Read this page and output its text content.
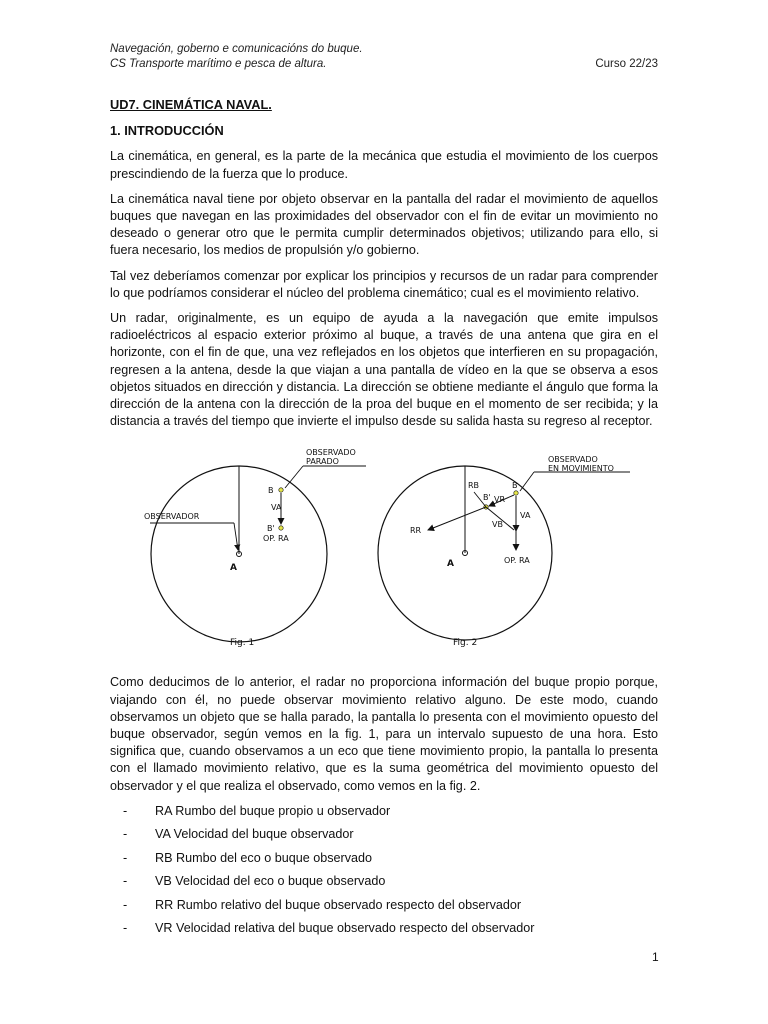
Navegación, goberno e comunicacións do buque.
CS Transporte marítimo e pesca de altura.	Curso 22/23
UD7. CINEMÁTICA NAVAL.
1. INTRODUCCIÓN

La cinemática, en general, es la parte de la mecánica que estudia el movimiento de los cuerpos prescindiendo de la fuerza que lo produce.

La cinemática naval tiene por objeto observar en la pantalla del radar el movimiento de aquellos buques que navegan en las proximidades del observador con el fin de evitar un movimiento no deseado o generar otro que le permita cumplir determinados objetivos; utilizando para ello, si fuera necesario, los medios de propulsión y/o gobierno.

Tal vez deberíamos comenzar por explicar los principios y recursos de un radar para comprender lo que podríamos considerar el núcleo del problema cinemático; cual es el movimiento relativo.

Un radar, originalmente, es un equipo de ayuda a la navegación que emite impulsos radioeléctricos al espacio exterior próximo al buque, a través de una antena que gira en el horizonte, con el fin de que, una vez reflejados en los objetos que interfieren en su propagación, regresen a la antena, desde la que viajan a una pantalla de vídeo en la que se observa a esos objetos situados en dirección y distancia. La dirección se obtiene mediante el ángulo que forma la dirección de la antena con la dirección de la proa del buque en el momento de ser recibida; y la distancia a través del tiempo que invierte el impulso desde su salida hasta su regreso al receptor.

OBSERVADOR
A
B
VA
B'
OP. RA
OBSERVADO
PARADO
Fig. 1
A
RB	B
B' VR
RR
VB
VA
OP. RA
OBSERVADO
EN MOVIMIENTO
Fig. 2

Como deducimos de lo anterior, el radar no proporciona información del buque propio porque, viajando con él, no puede observar movimiento relativo alguno. De este modo, cuando observamos un objeto que se halla parado, la pantalla lo presenta con el movimiento opuesto del buque observador, según vemos en la fig. 1, para un intervalo supuesto de una hora. Esto significa que, cuando observamos a un eco que tiene movimiento propio, la pantalla lo presenta con el llamado movimiento relativo, que es la suma geométrica del movimiento opuesto del observador y el que realiza el observado, como vemos en la fig. 2.

- RA Rumbo del buque propio u observador
- VA Velocidad del buque observador
- RB Rumbo del eco o buque observado
- VB Velocidad del eco o buque observado
- RR Rumbo relativo del buque observado respecto del observador
- VR Velocidad relativa del buque observado respecto del observador
1
